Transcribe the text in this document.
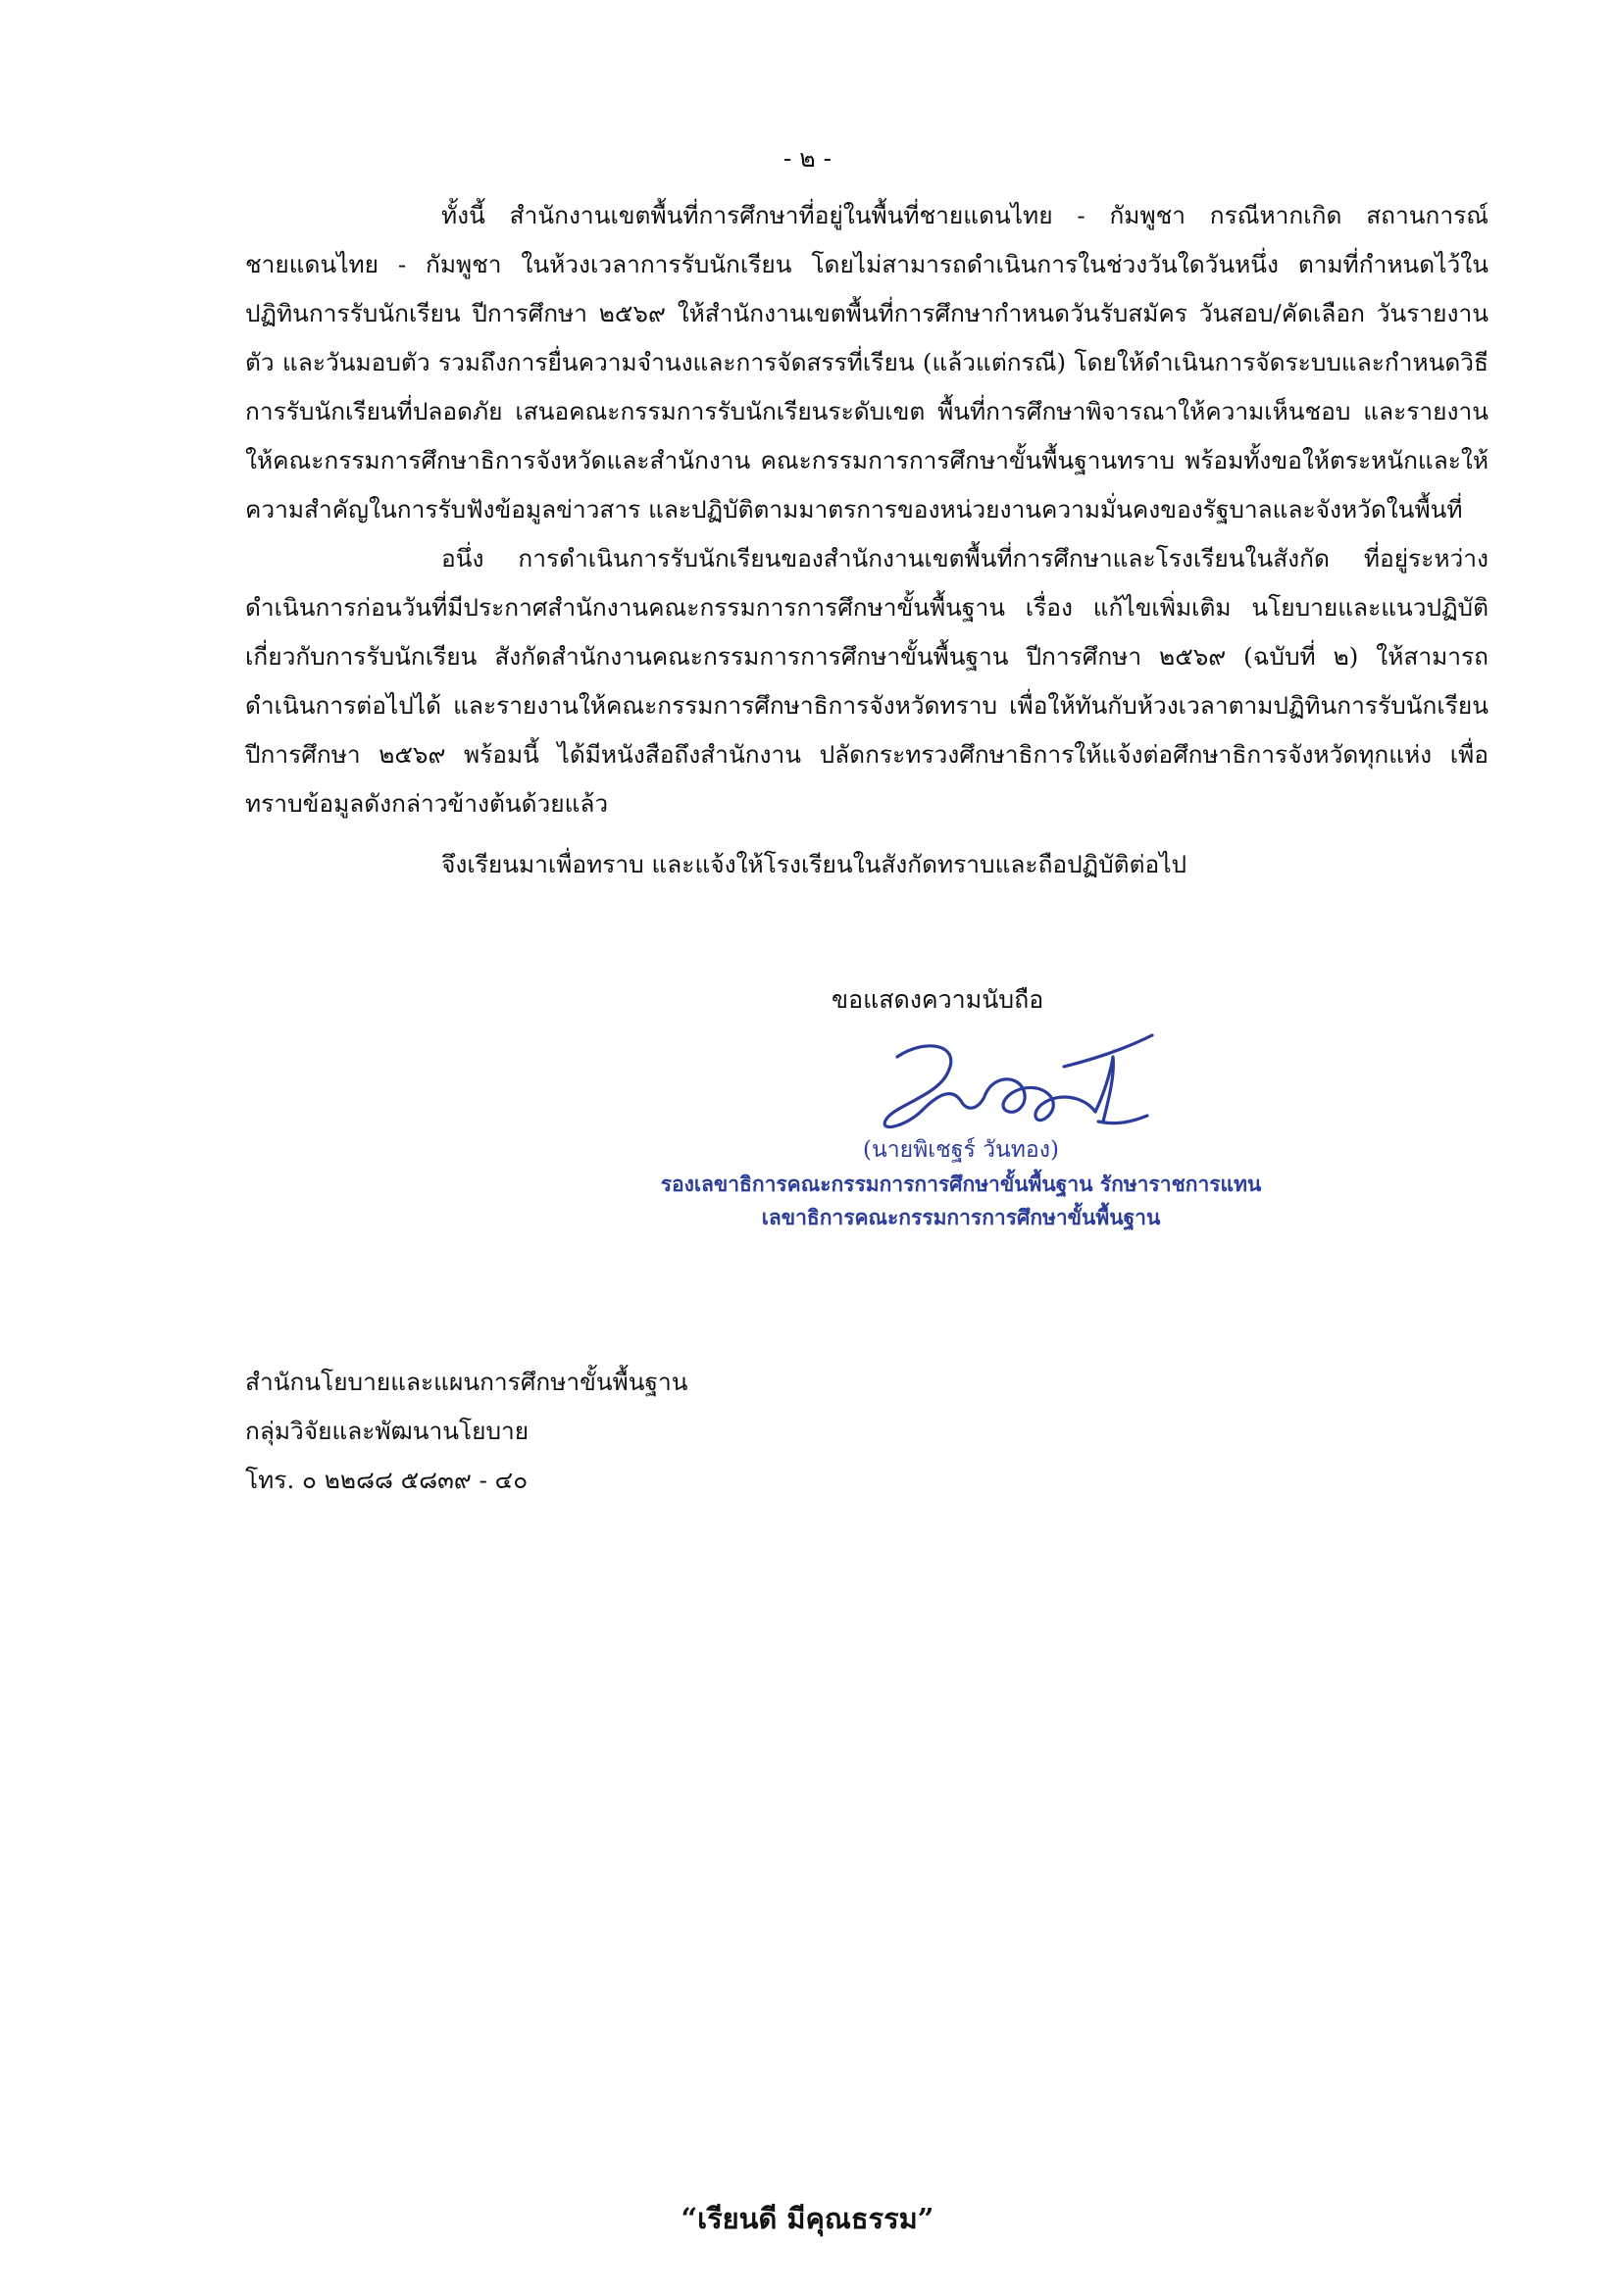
- ๒ -

ทั้งนี้ สำนักงานเขตพื้นที่การศึกษาที่อยู่ในพื้นที่ชายแดนไทย - กัมพูชา กรณีหากเกิด สถานการณ์ชายแดนไทย - กัมพูชา ในห้วงเวลาการรับนักเรียน โดยไม่สามารถดำเนินการในช่วงวันใดวันหนึ่ง ตามที่กำหนดไว้ในปฏิทินการรับนักเรียน ปีการศึกษา ๒๕๖๙ ให้สำนักงานเขตพื้นที่การศึกษากำหนดวันรับสมัคร วันสอบ/คัดเลือก วันรายงานตัว และวันมอบตัว รวมถึงการยื่นความจำนงและการจัดสรรที่เรียน (แล้วแต่กรณี) โดยให้ดำเนินการจัดระบบและกำหนดวิธีการรับนักเรียนที่ปลอดภัย เสนอคณะกรรมการรับนักเรียนระดับเขต พื้นที่การศึกษาพิจารณาให้ความเห็นชอบ และรายงานให้คณะกรรมการศึกษาธิการจังหวัดและสำนักงาน คณะกรรมการการศึกษาขั้นพื้นฐานทราบ พร้อมทั้งขอให้ตระหนักและให้ความสำคัญในการรับฟังข้อมูลข่าวสาร และปฏิบัติตามมาตรการของหน่วยงานความมั่นคงของรัฐบาลและจังหวัดในพื้นที่

อนึ่ง การดำเนินการรับนักเรียนของสำนักงานเขตพื้นที่การศึกษาและโรงเรียนในสังกัด ที่อยู่ระหว่างดำเนินการก่อนวันที่มีประกาศสำนักงานคณะกรรมการการศึกษาขั้นพื้นฐาน เรื่อง แก้ไขเพิ่มเติม นโยบายและแนวปฏิบัติเกี่ยวกับการรับนักเรียน สังกัดสำนักงานคณะกรรมการการศึกษาขั้นพื้นฐาน ปีการศึกษา ๒๕๖๙ (ฉบับที่ ๒) ให้สามารถดำเนินการต่อไปได้ และรายงานให้คณะกรรมการศึกษาธิการจังหวัดทราบ เพื่อให้ทันกับห้วงเวลาตามปฏิทินการรับนักเรียน ปีการศึกษา ๒๕๖๙ พร้อมนี้ ได้มีหนังสือถึงสำนักงาน ปลัดกระทรวงศึกษาธิการให้แจ้งต่อศึกษาธิการจังหวัดทุกแห่ง เพื่อทราบข้อมูลดังกล่าวข้างต้นด้วยแล้ว

จึงเรียนมาเพื่อทราบ และแจ้งให้โรงเรียนในสังกัดทราบและถือปฏิบัติต่อไป

ขอแสดงความนับถือ
(นายพิเชฐร์ วันทอง)
รองเลขาธิการคณะกรรมการการศึกษาขั้นพื้นฐาน รักษาราชการแทน
เลขาธิการคณะกรรมการการศึกษาขั้นพื้นฐาน
สำนักนโยบายและแผนการศึกษาขั้นพื้นฐาน
กลุ่มวิจัยและพัฒนานโยบาย
โทร. ๐ ๒๒๘๘ ๕๘๓๙ - ๔๐
“เรียนดี มีคุณธรรม”
